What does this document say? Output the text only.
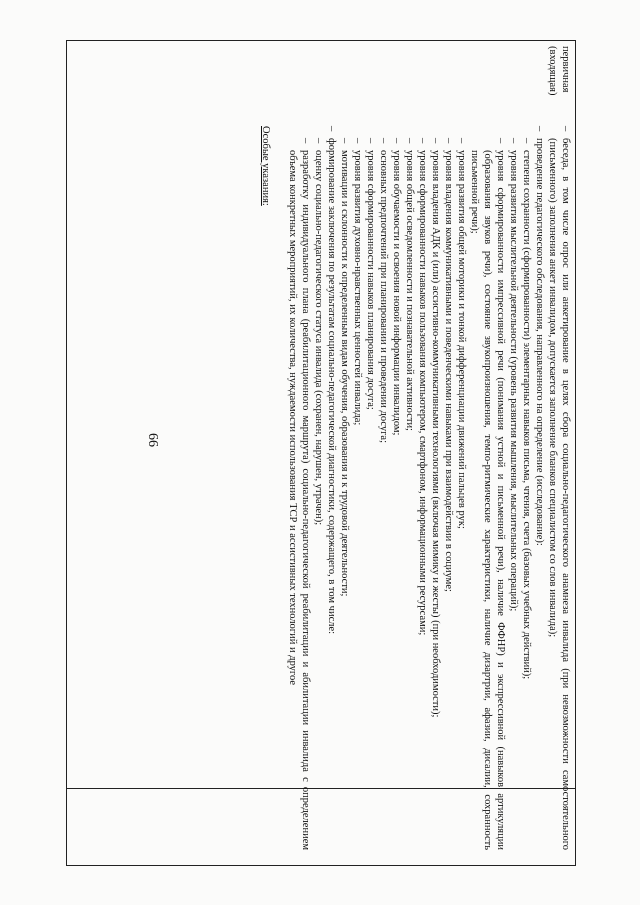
66
первичная
(входящая)
– беседа, в том числе опрос или анкетирование в целях сбора социально-педагогического анамнеза инвалида (при невозможности самостоятельного (письменного) заполнения анкет инвалидом, допускается заполнение бланков специалистом со слов инвалида);
– проведение педагогического обследования, направленного на определение (исследование):
– степени сохранности (сформированности) элементарных навыков письма, чтения, счета (базовых учебных действий);
– уровня развития мыслительной деятельности (уровень развития мышления, мыслительных операций);
– уровня сформированности импрессивной речи (понимания устной и письменной речи), наличие ФФНР) и экспрессивной (навыков артикуляции (образования звуков речи), состояние звукопроизношения, темпо-ритмические характеристики, наличие дизартрии, афазии, дисалии, сохранность письменной речи);
– уровня развития общей моторики и тонкой дифференциации движений пальцев рук;
– уровня владения коммуникативными и поведенческими навыками при взаимодействии в социуме;
– уровня владения АДК и (или) ассистивно-коммуникативными технологиями (включая мимику и жесты) (при необходимости);
– уровня сформированности навыков пользования компьютером, смартфоном, информационными ресурсами;
– уровня общей осведомленности и познавательной активности;
– уровня обучаемости и освоения новой информации инвалидом;
– основных предпочтений при планировании и проведении досуга;
– уровня сформированности навыков планирования досуга;
– уровня развития духовно-нравственных ценностей инвалида;
– мотивации и склонности к определенным видам обучения, образования и к трудовой деятельности;
– формирование заключения по результатам социально-педагогической диагностики, содержащего, в том числе:
– оценку социально-педагогического статуса инвалида (сохранен, нарушен, утрачен);
– разработку индивидуального плана (реабилитационного маршрута) социально-педагогической реабилитации и абилитации инвалида с определением объема конкретных мероприятий, их количества, нуждаемости использования ТСР и ассистивных технологий и другое
Особые указания:
